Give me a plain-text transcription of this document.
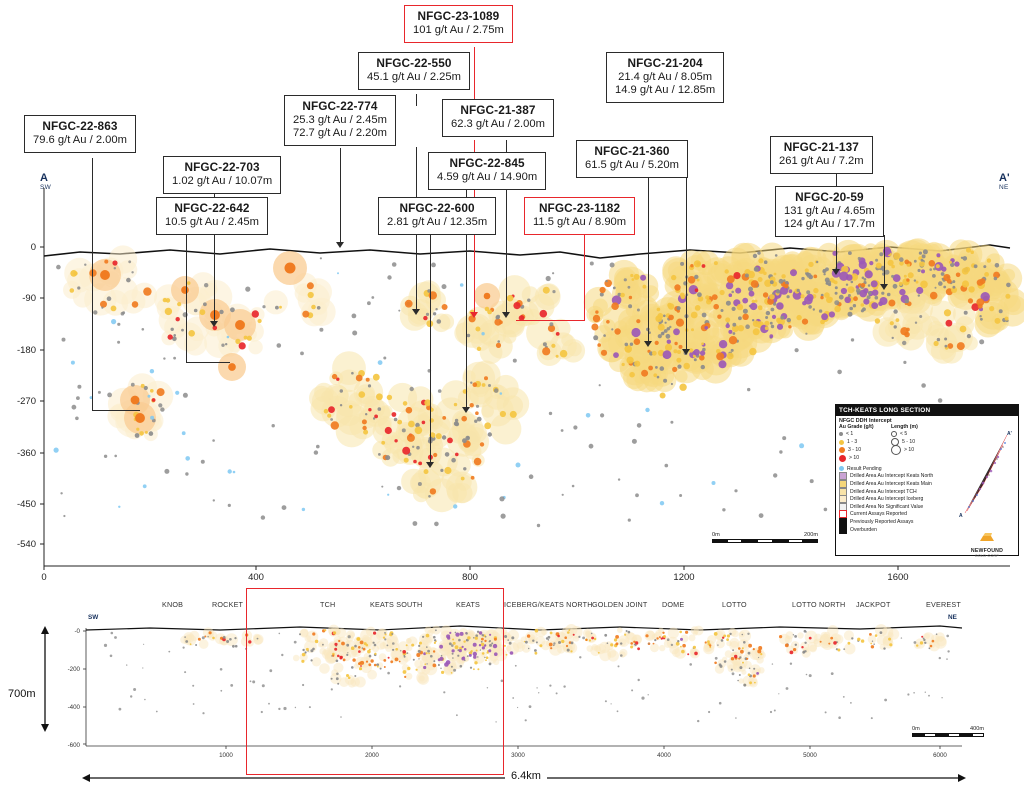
NFGC-23-1089
101 g/t Au / 2.75m
NFGC-22-550
45.1 g/t Au / 2.25m
NFGC-22-774
25.3 g/t Au / 2.45m
72.7 g/t Au / 2.20m
NFGC-21-387
62.3 g/t Au / 2.00m
NFGC-21-204
21.4 g/t Au / 8.05m
14.9 g/t Au / 12.85m
NFGC-22-863
79.6 g/t Au / 2.00m
NFGC-22-703
1.02 g/t Au / 10.07m
NFGC-22-845
4.59 g/t Au / 14.90m
NFGC-21-360
61.5 g/t Au / 5.20m
NFGC-21-137
261 g/t Au / 7.2m
NFGC-22-642
10.5 g/t Au / 2.45m
NFGC-22-600
2.81 g/t Au / 12.35m
NFGC-23-1182
11.5 g/t Au / 8.90m
NFGC-20-59
131 g/t Au / 4.65m
124 g/t Au / 17.7m
A
SW
A'
NE
0
-90
-180
-270
-360
-450
-540
0	400	800	1200	1600
TCH-KEATS LONG SECTION
NFGC DDH Intercept
Au Grade (g/t)	Length (m)
< 1	< 5
1 - 3	5 - 10
3 - 10	> 10
> 10
Result Pending
Drilled Area Au Intercept Keats North
Drilled Area Au Intercept Keats Main
Drilled Area Au Intercept TCH
Drilled Area Au Intercept Iceberg
Drilled Area No Significant Value
Current Assays Reported
Previously Reported Assays
Overburden
A
A'
NEWFOUND
GOLD CORP
0m	200m
-0
-200
-400
-600
1000	2000	3000	4000	5000	6000
SW	NE
KNOB	ROCKET	TCH	KEATS SOUTH	KEATS	ICEBERG/KEATS NORTH GOLDEN JOINT DOME	LOTTO	LOTTO NORTH JACKPOT	EVEREST
700m
6.4km
0m	400m
